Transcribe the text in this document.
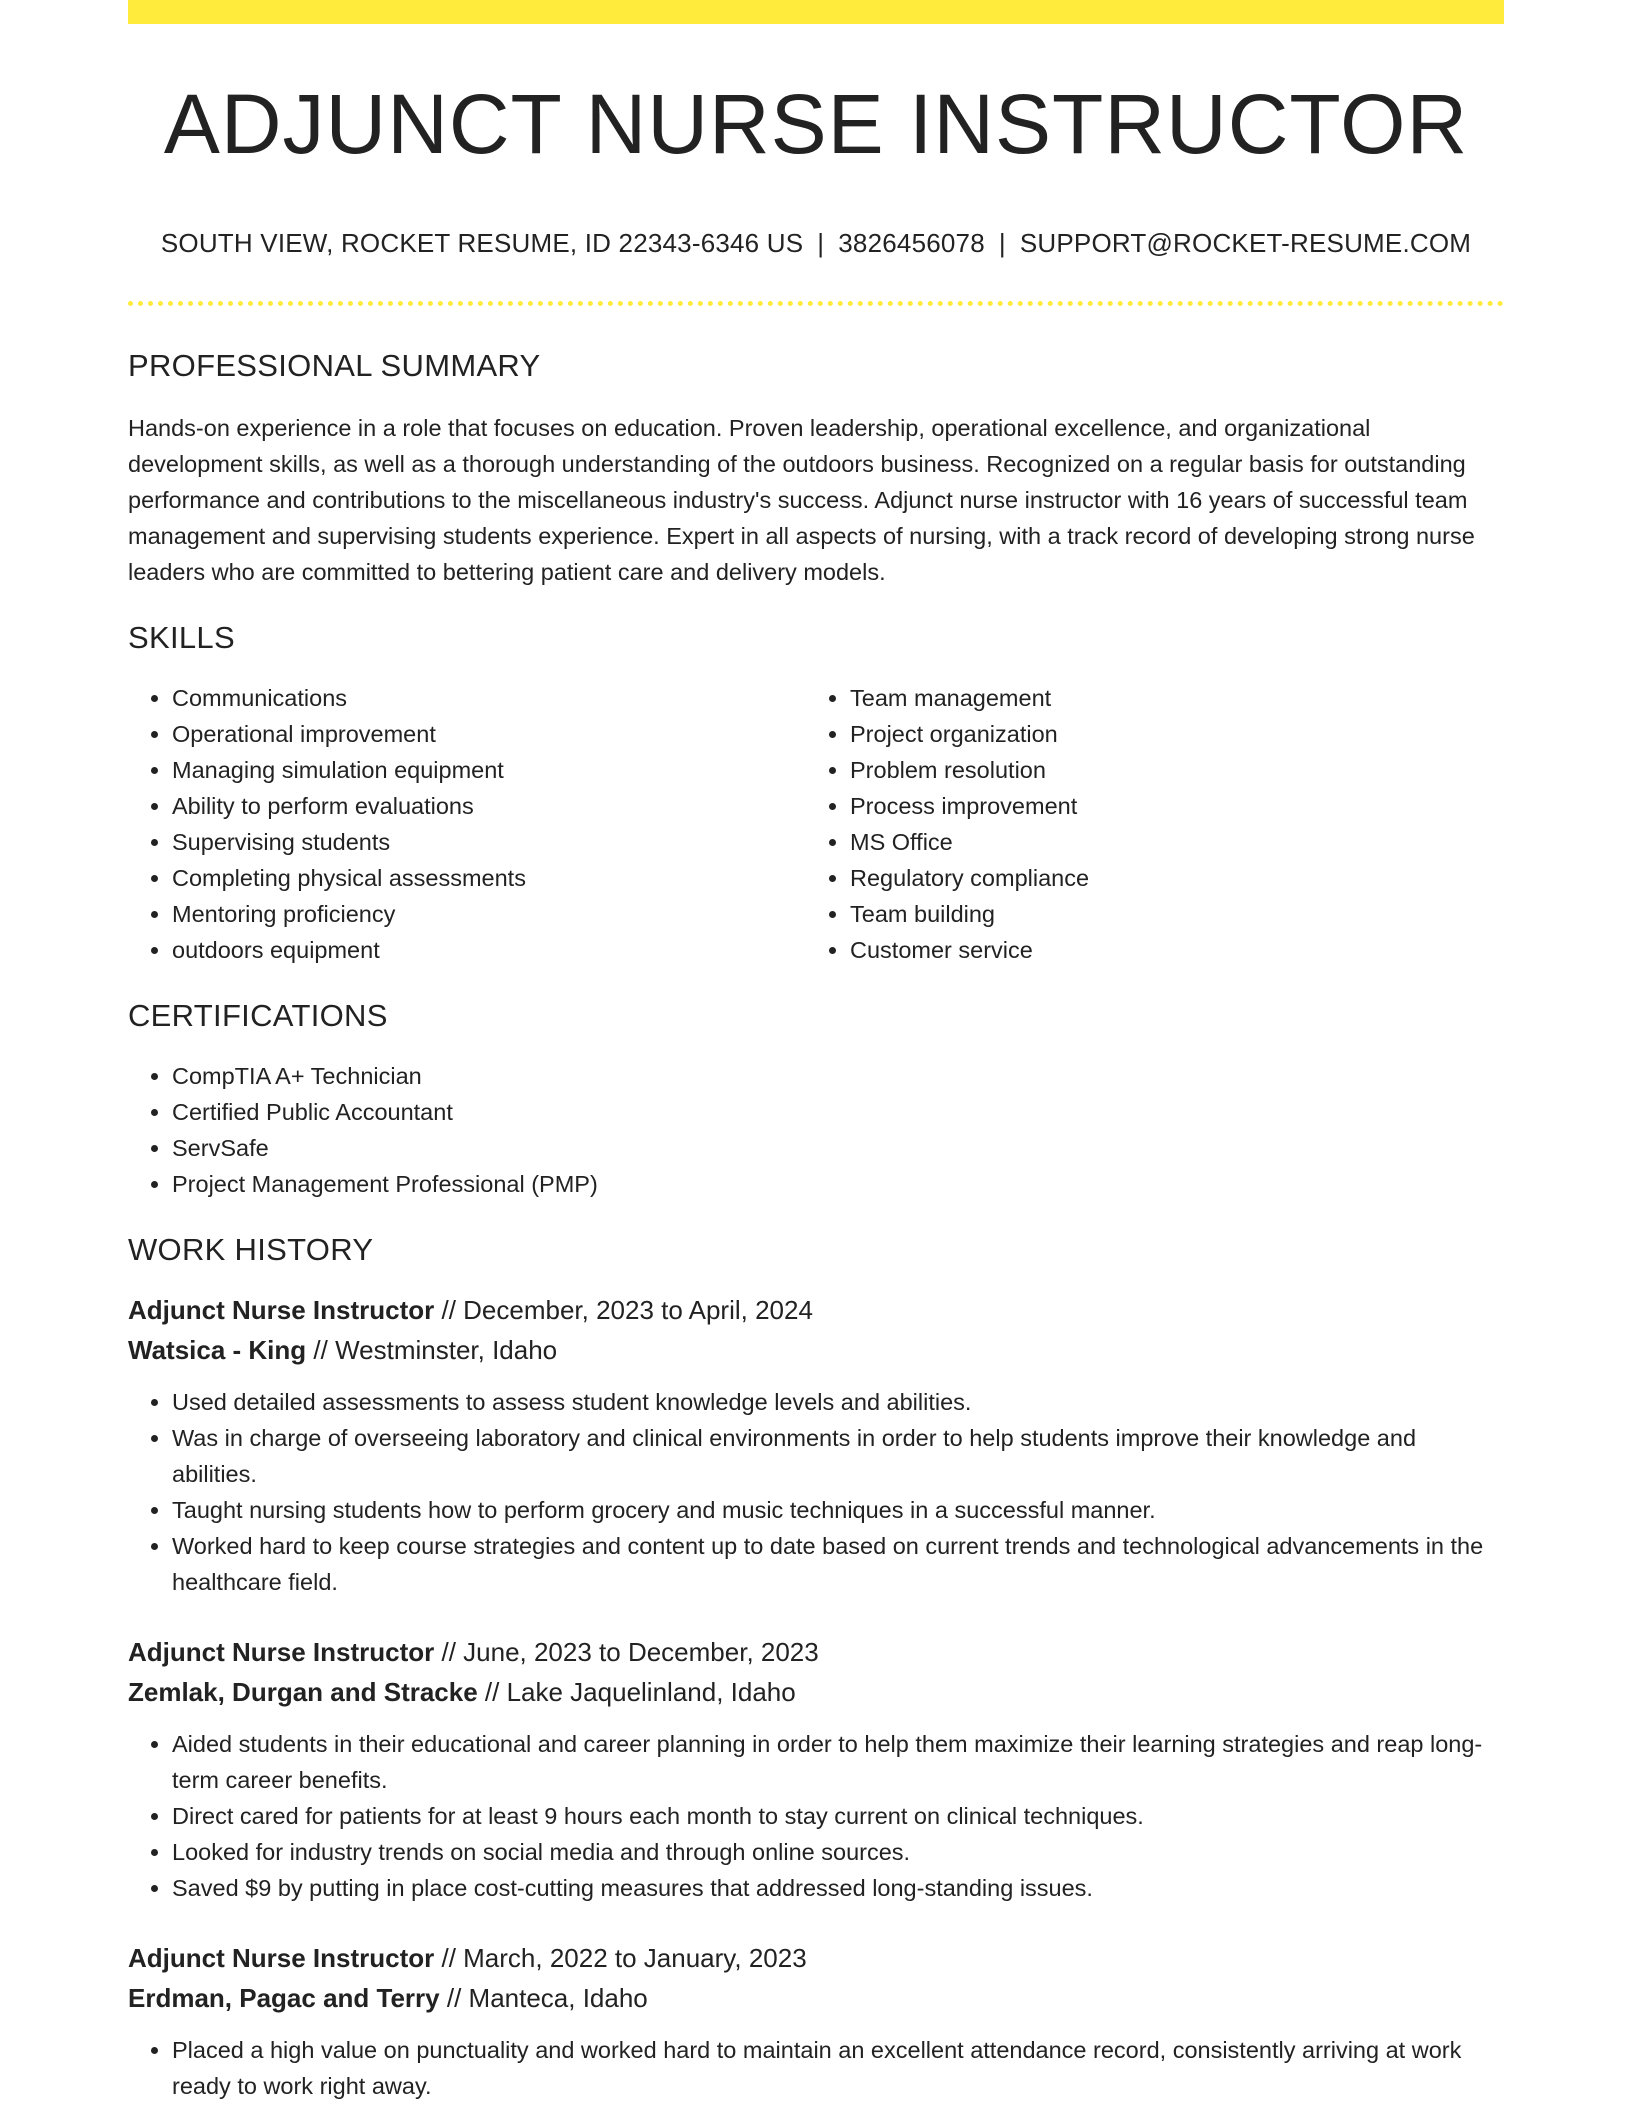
ADJUNCT NURSE INSTRUCTOR
SOUTH VIEW, ROCKET RESUME, ID 22343-6346 US | 3826456078 | SUPPORT@ROCKET-RESUME.COM
PROFESSIONAL SUMMARY

Hands-on experience in a role that focuses on education. Proven leadership, operational excellence, and organizational development skills, as well as a thorough understanding of the outdoors business. Recognized on a regular basis for outstanding performance and contributions to the miscellaneous industry's success. Adjunct nurse instructor with 16 years of successful team management and supervising students experience. Expert in all aspects of nursing, with a track record of developing strong nurse leaders who are committed to bettering patient care and delivery models.

SKILLS
• Communications
• Operational improvement
• Managing simulation equipment
• Ability to perform evaluations
• Supervising students
• Completing physical assessments
• Mentoring proficiency
• outdoors equipment
• Team management
• Project organization
• Problem resolution
• Process improvement
• MS Office
• Regulatory compliance
• Team building
• Customer service
CERTIFICATIONS
• CompTIA A+ Technician
• Certified Public Accountant
• ServSafe
• Project Management Professional (PMP)
WORK HISTORY
Adjunct Nurse Instructor // December, 2023 to April, 2024
Watsica - King // Westminster, Idaho
• Used detailed assessments to assess student knowledge levels and abilities.
• Was in charge of overseeing laboratory and clinical environments in order to help students improve their knowledge and abilities.
• Taught nursing students how to perform grocery and music techniques in a successful manner.
• Worked hard to keep course strategies and content up to date based on current trends and technological advancements in the healthcare field.
Adjunct Nurse Instructor // June, 2023 to December, 2023
Zemlak, Durgan and Stracke // Lake Jaquelinland, Idaho
• Aided students in their educational and career planning in order to help them maximize their learning strategies and reap long-term career benefits.
• Direct cared for patients for at least 9 hours each month to stay current on clinical techniques.
• Looked for industry trends on social media and through online sources.
• Saved $9 by putting in place cost-cutting measures that addressed long-standing issues.
Adjunct Nurse Instructor // March, 2022 to January, 2023
Erdman, Pagac and Terry // Manteca, Idaho
• Placed a high value on punctuality and worked hard to maintain an excellent attendance record, consistently arriving at work ready to work right away.
